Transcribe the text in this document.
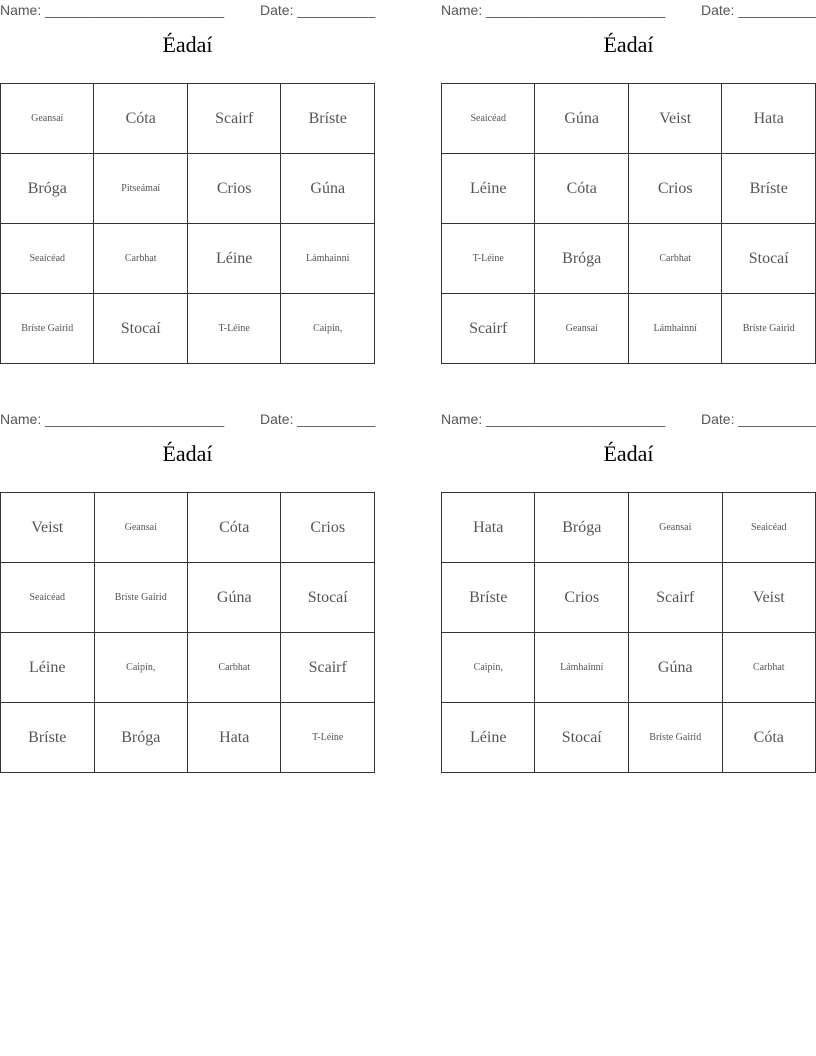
Name: _______________________	Date: __________
Éadaí
Geansaí	Cóta	Scairf	Bríste
Bróga	Pitseámaí	Crios	Gúna
Seaicéad	Carbhat	Léine	Lámhainní
Bríste Gairid	Stocaí	T-Léine	Caipín,
Name: _______________________	Date: __________
Éadaí
Seaicéad	Gúna	Veist	Hata
Léine	Cóta	Crios	Bríste
T-Léine	Bróga	Carbhat	Stocaí
Scairf	Geansaí	Lámhainní	Bríste Gairid
Name: _______________________	Date: __________
Éadaí
Veist	Geansaí	Cóta	Crios
Seaicéad	Bríste Gairid	Gúna	Stocaí
Léine	Caipín,	Carbhat	Scairf
Bríste	Bróga	Hata	T-Léine
Name: _______________________	Date: __________
Éadaí
Hata	Bróga	Geansaí	Seaicéad
Bríste	Crios	Scairf	Veist
Caipín,	Lámhainní	Gúna	Carbhat
Léine	Stocaí	Bríste Gairid	Cóta
